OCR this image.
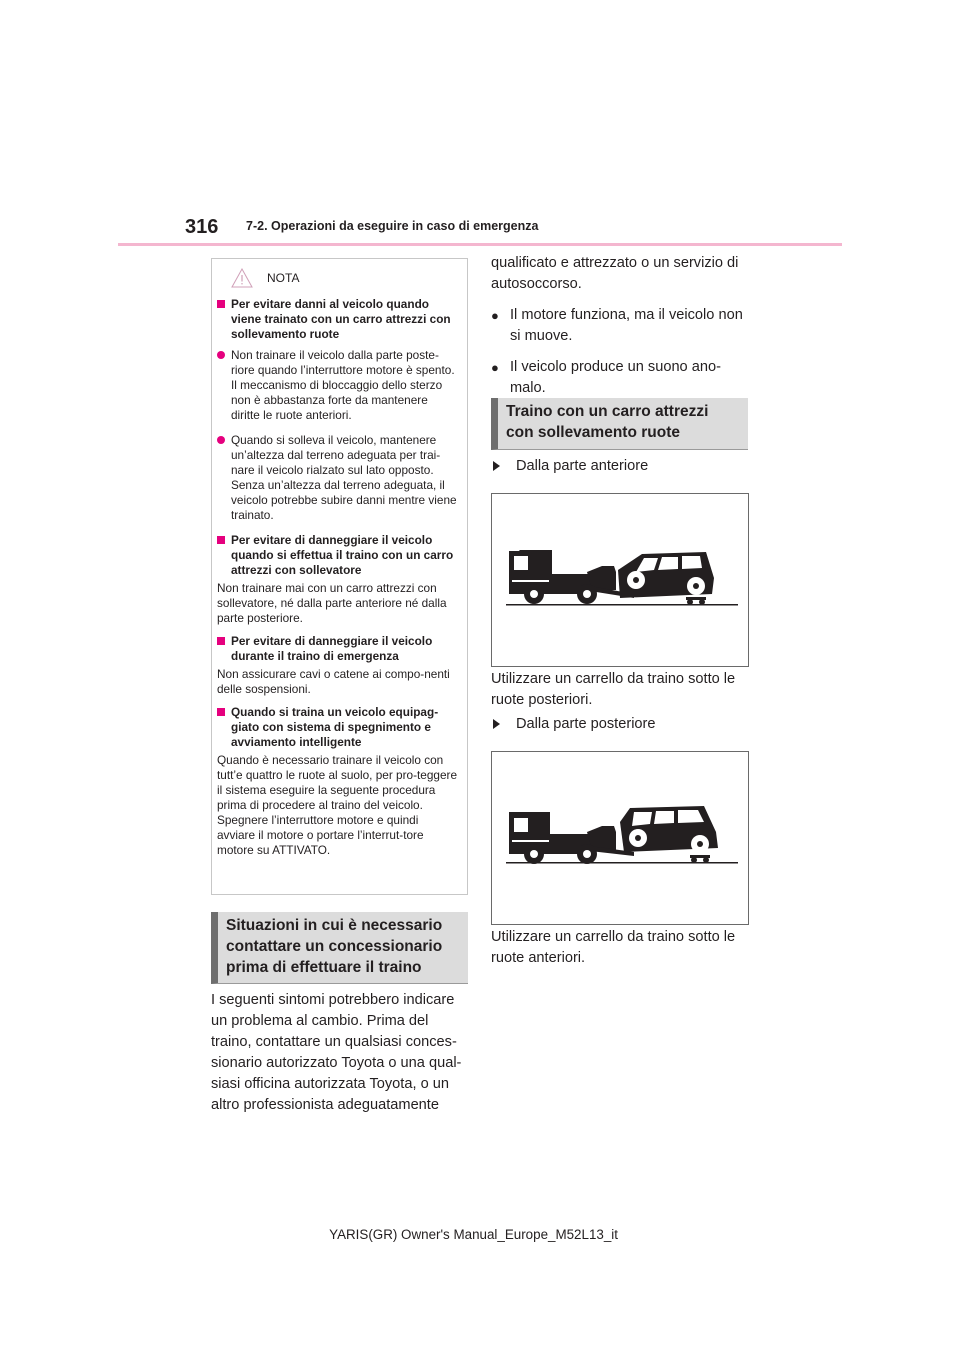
316 7-2. Operazioni da eseguire in caso di emergenza
NOTA
Per evitare danni al veicolo quando viene trainato con un carro attrezzi con sollevamento ruote
Non trainare il veicolo dalla parte poste-riore quando l’interruttore motore è spento. Il meccanismo di bloccaggio dello sterzo non è abbastanza forte da mantenere diritte le ruote anteriori.
Quando si solleva il veicolo, mantenere un’altezza dal terreno adeguata per trai-nare il veicolo rialzato sul lato opposto. Senza un’altezza dal terreno adeguata, il veicolo potrebbe subire danni mentre viene trainato.
Per evitare di danneggiare il veicolo quando si effettua il traino con un carro attrezzi con sollevatore
Non trainare mai con un carro attrezzi con sollevatore, né dalla parte anteriore né dalla parte posteriore.
Per evitare di danneggiare il veicolo durante il traino di emergenza
Non assicurare cavi o catene ai compo-nenti delle sospensioni.
Quando si traina un veicolo equipag-giato con sistema di spegnimento e avviamento intelligente
Quando è necessario trainare il veicolo con tutt’e quattro le ruote al suolo, per pro-teggere il sistema eseguire la seguente procedura prima di procedere al traino del veicolo. Spegnere l’interruttore motore e quindi avviare il motore o portare l’interrut-tore motore su ATTIVATO.
Situazioni in cui è necessario contattare un concessionario prima di effettuare il traino
I seguenti sintomi potrebbero indicare un problema al cambio. Prima del traino, contattare un qualsiasi conces-sionario autorizzato Toyota o una qual-siasi officina autorizzata Toyota, o un altro professionista adeguatamente
qualificato e attrezzato o un servizio di autosoccorso.
● Il motore funziona, ma il veicolo non si muove.
● Il veicolo produce un suono ano-malo.
Traino con un carro attrezzi con sollevamento ruote
Dalla parte anteriore
Utilizzare un carrello da traino sotto le ruote posteriori.
Dalla parte posteriore
Utilizzare un carrello da traino sotto le ruote anteriori.
YARIS(GR) Owner's Manual_Europe_M52L13_it
